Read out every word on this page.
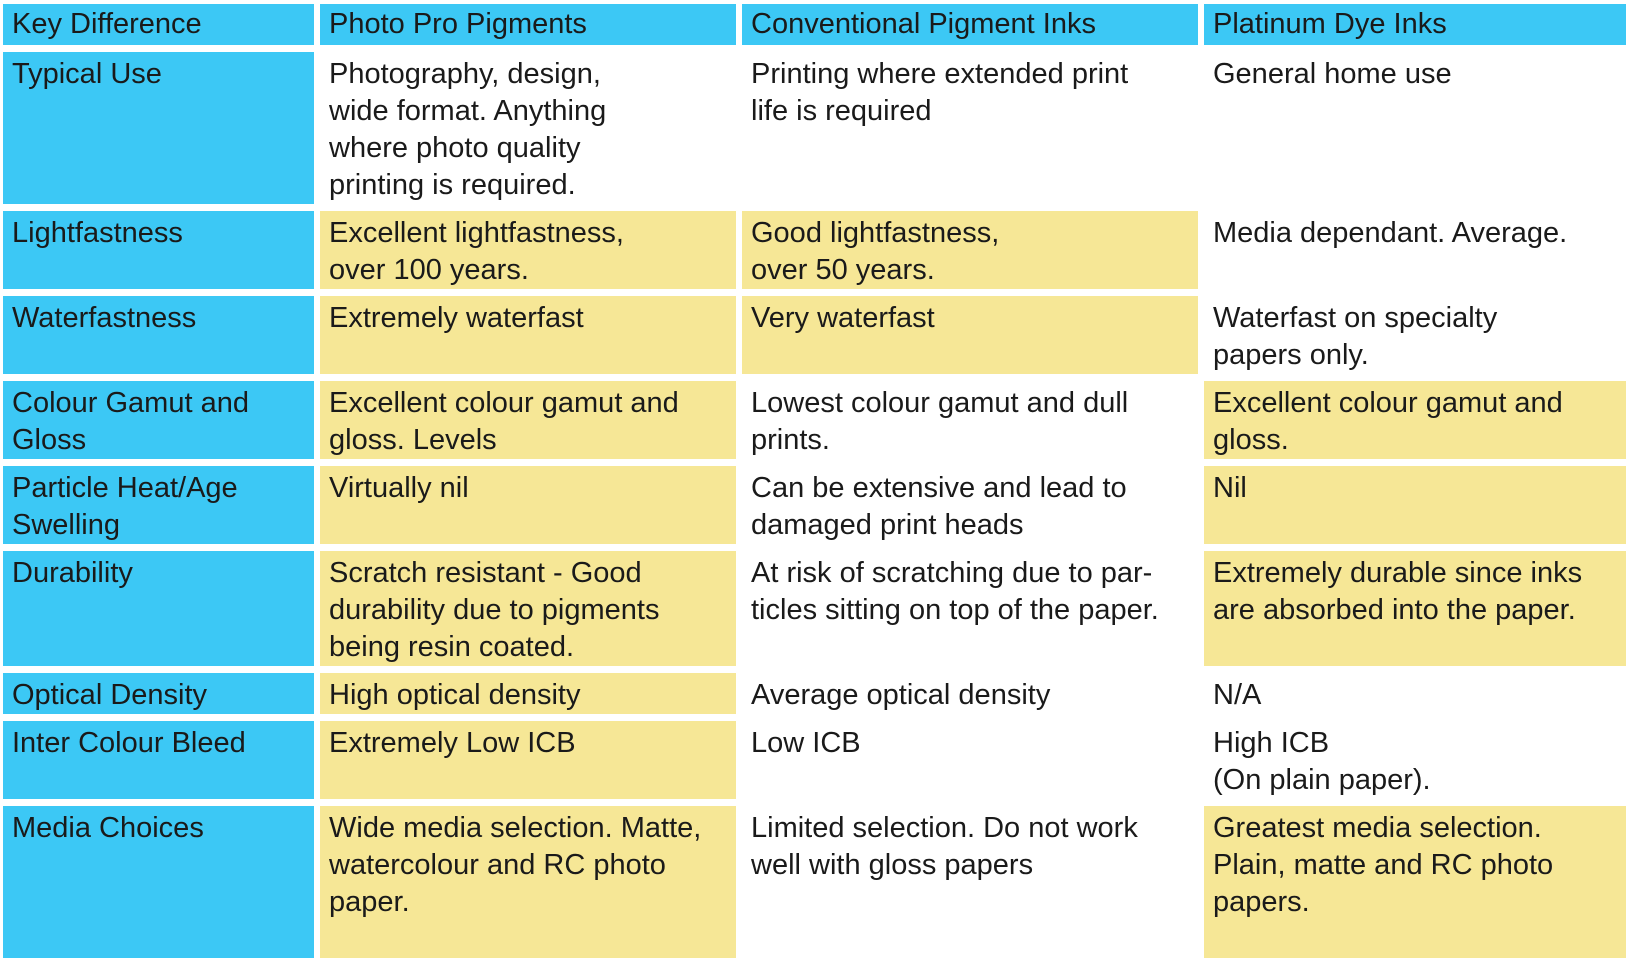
Key Difference	Photo Pro Pigments	Conventional Pigment Inks	Platinum Dye Inks

Typical Use	Photography, design,
wide format. Anything
where photo quality
printing is required.	Printing where extended print
life is required	General home use

Lightfastness	Excellent lightfastness,
over 100 years.	Good lightfastness,
over 50 years.	Media dependant. Average.

Waterfastness	Extremely waterfast	Very waterfast	Waterfast on specialty
papers only.

Colour Gamut and
Gloss	Excellent colour gamut and
gloss. Levels	Lowest colour gamut and dull
prints.	Excellent colour gamut and
gloss.

Particle Heat/Age
Swelling	Virtually nil	Can be extensive and lead to
damaged print heads	Nil

Durability	Scratch resistant - Good
durability due to pigments
being resin coated.	At risk of scratching due to par-
ticles sitting on top of the paper.	Extremely durable since inks
are absorbed into the paper.

Optical Density	High optical density	Average optical density	N/A

Inter Colour Bleed	Extremely Low ICB	Low ICB	High ICB
(On plain paper).

Media Choices	Wide media selection. Matte,
watercolour and RC photo
paper.	Limited selection. Do not work
well with gloss papers	Greatest media selection.
Plain, matte and RC photo
papers.
